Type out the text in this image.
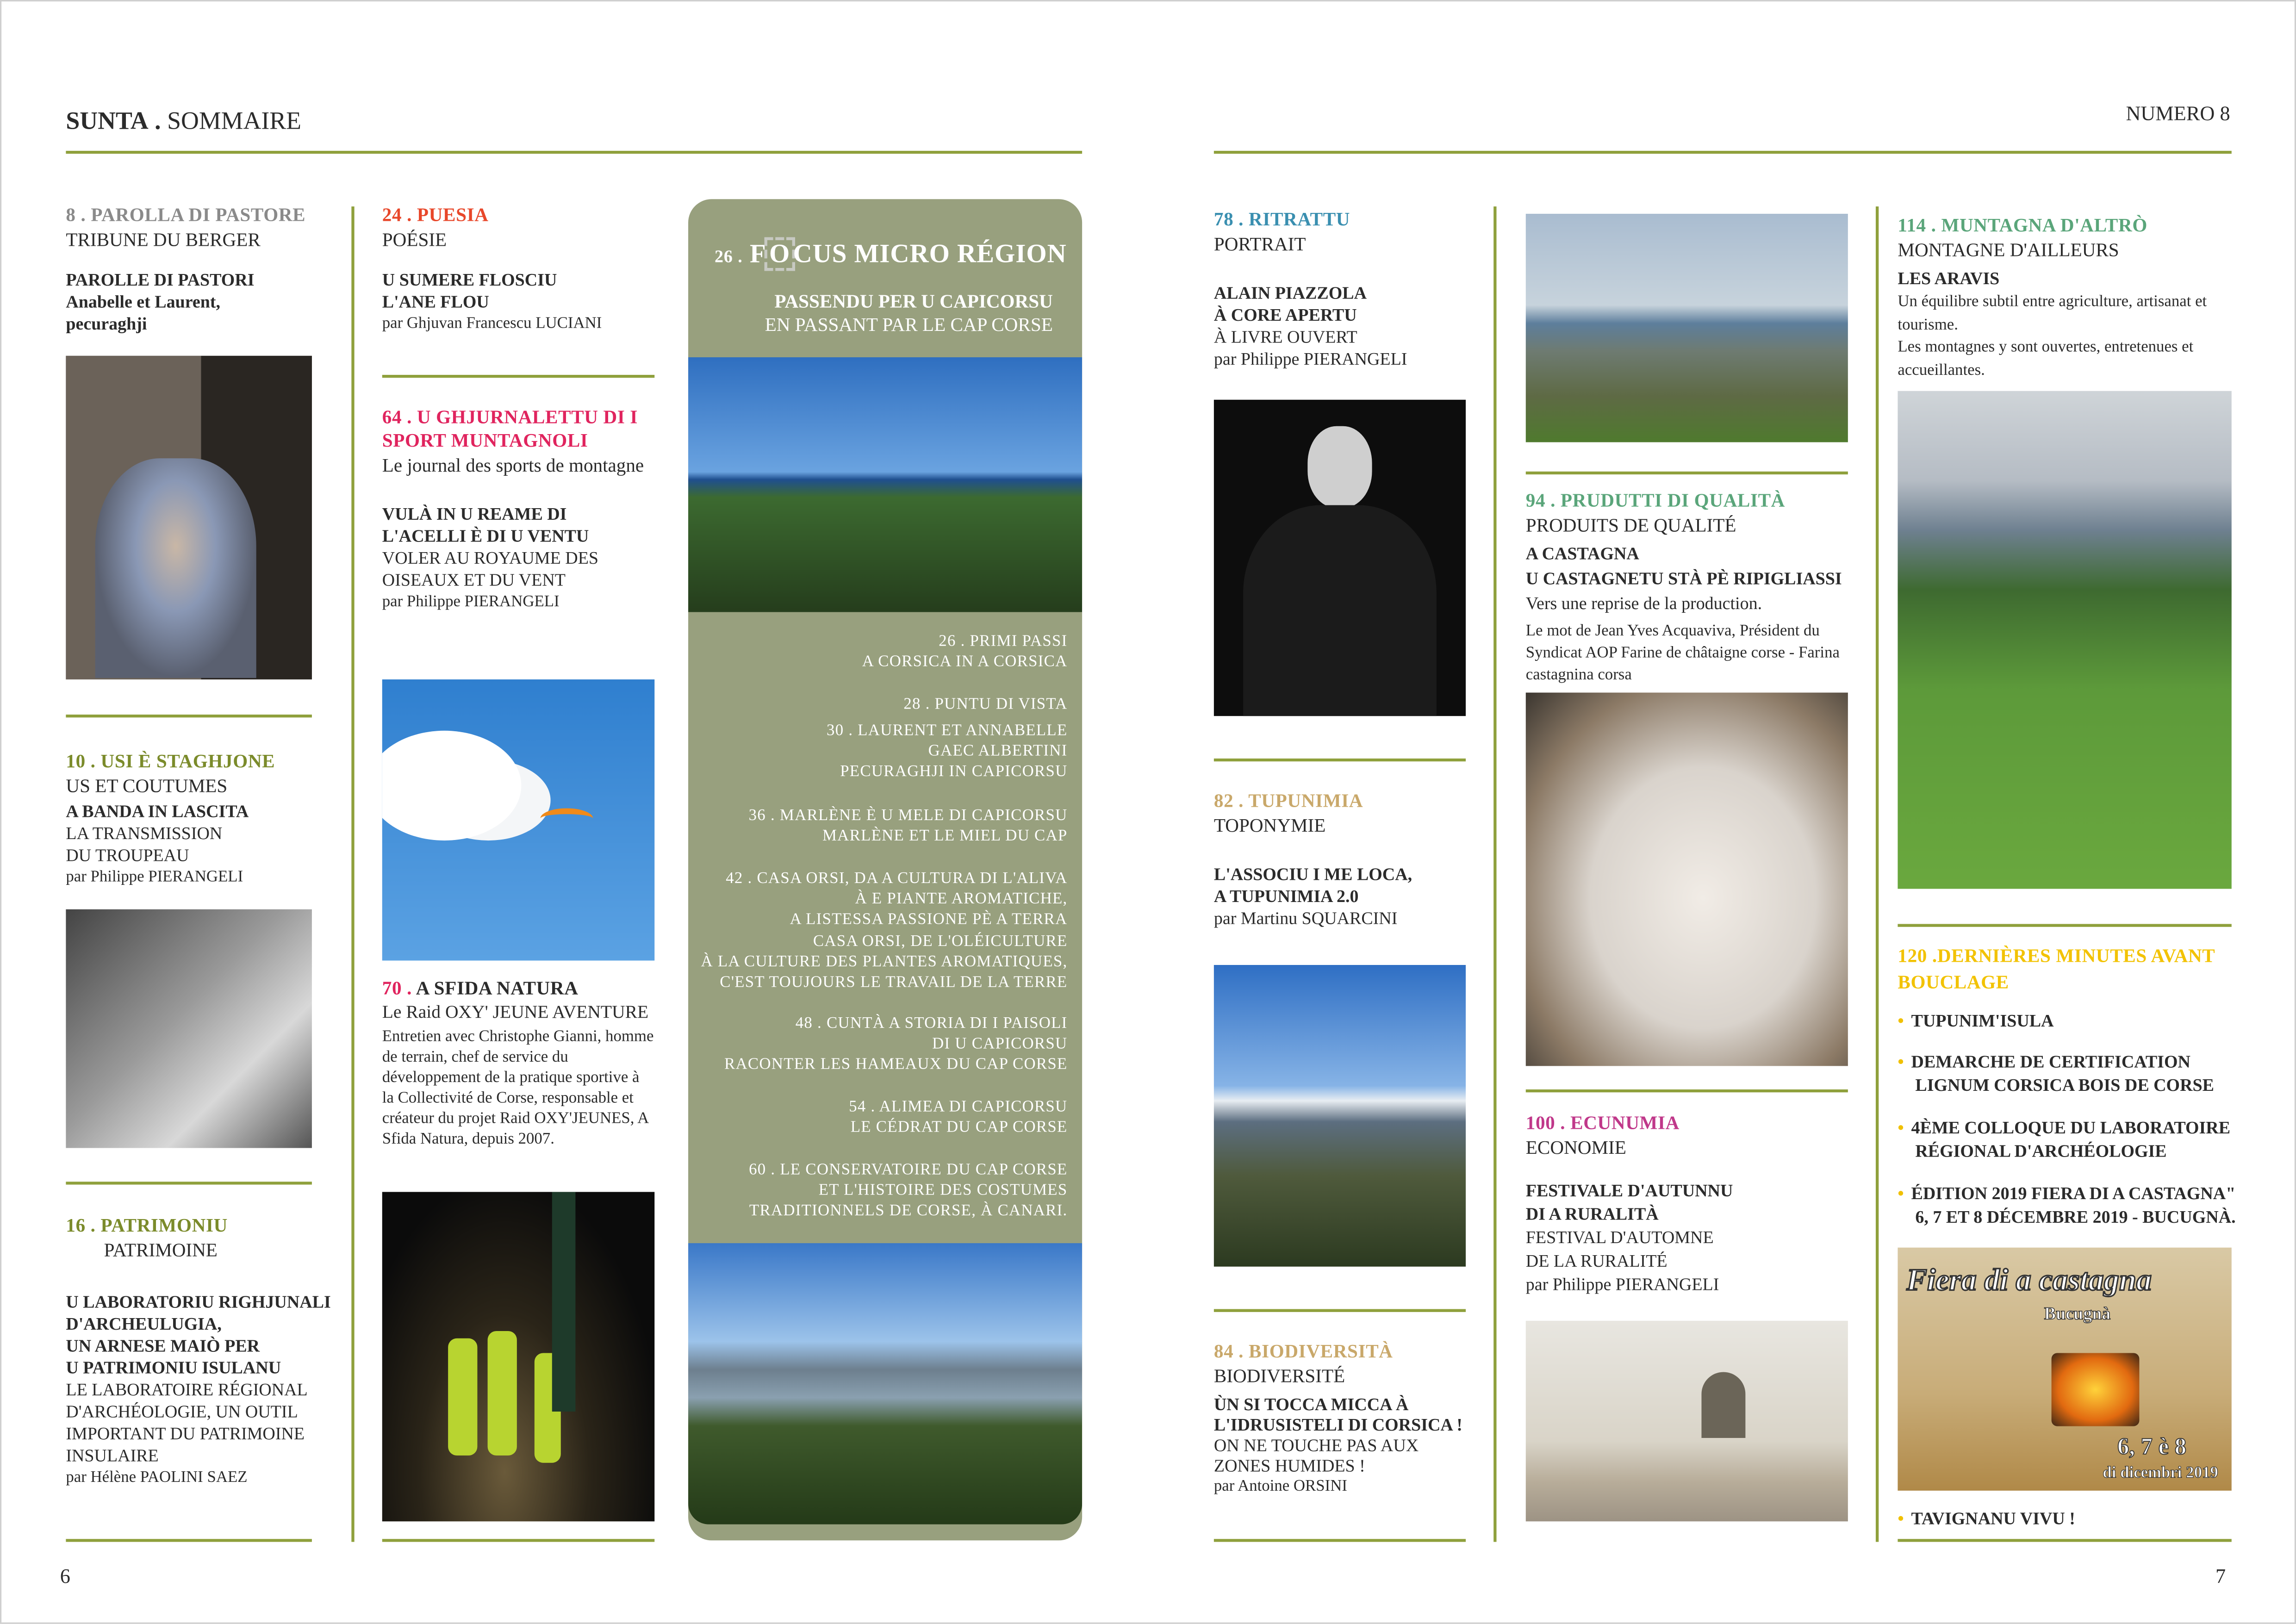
SUNTA . SOMMAIRE	NUMERO 8
8 . PAROLLA DI PASTORE
TRIBUNE DU BERGER
PAROLLE DI PASTORI
Anabelle et Laurent,
pecuraghji
10 . USI È STAGHJONE
US ET COUTUMES
A BANDA IN LASCITA
LA TRANSMISSION
DU TROUPEAU
par Philippe PIERANGELI
16 . PATRIMONIU
PATRIMOINE
U LABORATORIU RIGHJUNALI
D'ARCHEULUGIA,
UN ARNESE MAIÒ PER
U PATRIMONIU ISULANU
LE LABORATOIRE RÉGIONAL D'ARCHÉOLOGIE, UN OUTIL IMPORTANT DU PATRIMOINE INSULAIRE
par Hélène PAOLINI SAEZ
24 . PUESIA
POÉSIE
U SUMERE FLOSCIU
L'ANE FLOU
par Ghjuvan Francescu LUCIANI
64 . U GHJURNALETTU DI I SPORT MUNTAGNOLI
Le journal des sports de montagne
VULÀ IN U REAME DI L'ACELLI È DI U VENTU
VOLER AU ROYAUME DES OISEAUX ET DU VENT
par Philippe PIERANGELI
70 . A SFIDA NATURA
Le Raid OXY' JEUNE AVENTURE
Entretien avec Christophe Gianni, homme de terrain, chef de service du développement de la pratique sportive à la Collectivité de Corse, responsable et créateur du projet Raid OXY'JEUNES, A Sfida Natura, depuis 2007.
26 . F O CUS MICRO RÉGION
PASSENDU PER U CAPICORSU
EN PASSANT PAR LE CAP CORSE
26 . PRIMI PASSI
A CORSICA IN A CORSICA
28 . PUNTU DI VISTA
30 . LAURENT ET ANNABELLE
GAEC ALBERTINI
PECURAGHJI IN CAPICORSU
36 . MARLÈNE È U MELE DI CAPICORSU
MARLÈNE ET LE MIEL DU CAP
42 . CASA ORSI, DA A CULTURA DI L'ALIVA
À E PIANTE AROMATICHE,
A LISTESSA PASSIONE PÈ A TERRA
CASA ORSI, DE L'OLÉICULTURE
À LA CULTURE DES PLANTES AROMATIQUES,
C'EST TOUJOURS LE TRAVAIL DE LA TERRE
48 . CUNTÀ A STORIA DI I PAISOLI
DI U CAPICORSU
RACONTER LES HAMEAUX DU CAP CORSE
54 . ALIMEA DI CAPICORSU
LE CÉDRAT DU CAP CORSE
60 . LE CONSERVATOIRE DU CAP CORSE
ET L'HISTOIRE DES COSTUMES
TRADITIONNELS DE CORSE, À CANARI.
78 . RITRATTU
PORTRAIT
ALAIN PIAZZOLA
À CORE APERTU
À LIVRE OUVERT
par Philippe PIERANGELI
82 . TUPUNIMIA
TOPONYMIE
L'ASSOCIU I ME LOCA,
A TUPUNIMIA 2.0
par Martinu SQUARCINI
84 . BIODIVERSITÀ
BIODIVERSITÉ
ÙN SI TOCCA MICCA À L'IDRUSISTELI DI CORSICA !
ON NE TOUCHE PAS AUX ZONES HUMIDES !
par Antoine ORSINI
94 . PRUDUTTI DI QUALITÀ
PRODUITS DE QUALITÉ
A CASTAGNA
U CASTAGNETU STÀ PÈ RIPIGLIASSI
Vers une reprise de la production.
Le mot de Jean Yves Acquaviva, Président du Syndicat AOP Farine de châtaigne corse - Farina castagnina corsa
100 . ECUNUMIA
ECONOMIE
FESTIVALE D'AUTUNNU
DI A RURALITÀ
FESTIVAL D'AUTOMNE
DE LA RURALITÉ
par Philippe PIERANGELI
114 . MUNTAGNA D'ALTRÒ
MONTAGNE D'AILLEURS
LES ARAVIS
Un équilibre subtil entre agriculture, artisanat et tourisme.
Les montagnes y sont ouvertes, entretenues et accueillantes.
120 .DERNIÈRES MINUTES AVANT BOUCLAGE
• TUPUNIM'ISULA
• DEMARCHE DE CERTIFICATION LIGNUM CORSICA BOIS DE CORSE
• 4ÈME COLLOQUE DU LABORATOIRE RÉGIONAL D'ARCHÉOLOGIE
• ÉDITION 2019 FIERA DI A CASTAGNA" 6, 7 ET 8 DÉCEMBRE 2019 - BUCUGNÀ.
Fiera di a castagna
Bucugnà
6, 7 è 8
di dicembri 2019
• TAVIGNANU VIVU !
6	7
